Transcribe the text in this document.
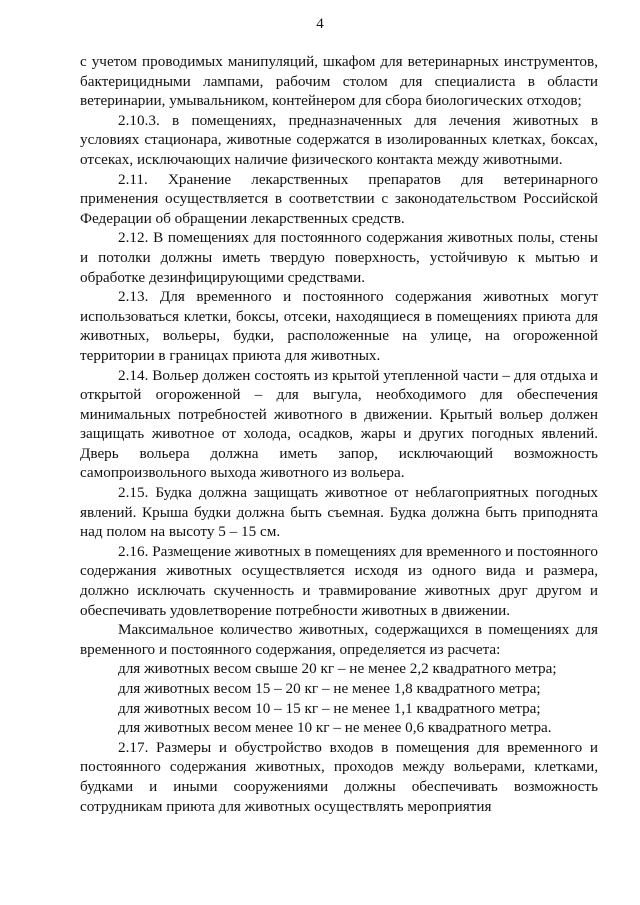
4

с учетом проводимых манипуляций, шкафом для ветеринарных инструментов, бактерицидными лампами, рабочим столом для специалиста в области ветеринарии, умывальником, контейнером для сбора биологических отходов;

2.10.3. в помещениях, предназначенных для лечения животных в условиях стационара, животные содержатся в изолированных клетках, боксах, отсеках, исключающих наличие физического контакта между животными.

2.11. Хранение лекарственных препаратов для ветеринарного применения осуществляется в соответствии с законодательством Российской Федерации об обращении лекарственных средств.

2.12. В помещениях для постоянного содержания животных полы, стены и потолки должны иметь твердую поверхность, устойчивую к мытью и обработке дезинфицирующими средствами.

2.13. Для временного и постоянного содержания животных могут использоваться клетки, боксы, отсеки, находящиеся в помещениях приюта для животных, вольеры, будки, расположенные на улице, на огороженной территории в границах приюта для животных.

2.14. Вольер должен состоять из крытой утепленной части – для отдыха и открытой огороженной – для выгула, необходимого для обеспечения минимальных потребностей животного в движении. Крытый вольер должен защищать животное от холода, осадков, жары и других погодных явлений. Дверь вольера должна иметь запор, исключающий возможность самопроизвольного выхода животного из вольера.

2.15. Будка должна защищать животное от неблагоприятных погодных явлений. Крыша будки должна быть съемная. Будка должна быть приподнята над полом на высоту 5 – 15 см.

2.16. Размещение животных в помещениях для временного и постоянного содержания животных осуществляется исходя из одного вида и размера, должно исключать скученность и травмирование животных друг другом и обеспечивать удовлетворение потребности животных в движении.

Максимальное количество животных, содержащихся в помещениях для временного и постоянного содержания, определяется из расчета:

для животных весом свыше 20 кг – не менее 2,2 квадратного метра;

для животных весом 15 – 20 кг – не менее 1,8 квадратного метра;

для животных весом 10 – 15 кг – не менее 1,1 квадратного метра;

для животных весом менее 10 кг – не менее 0,6 квадратного метра.

2.17. Размеры и обустройство входов в помещения для временного и постоянного содержания животных, проходов между вольерами, клетками, будками и иными сооружениями должны обеспечивать возможность сотрудникам приюта для животных осуществлять мероприятия
